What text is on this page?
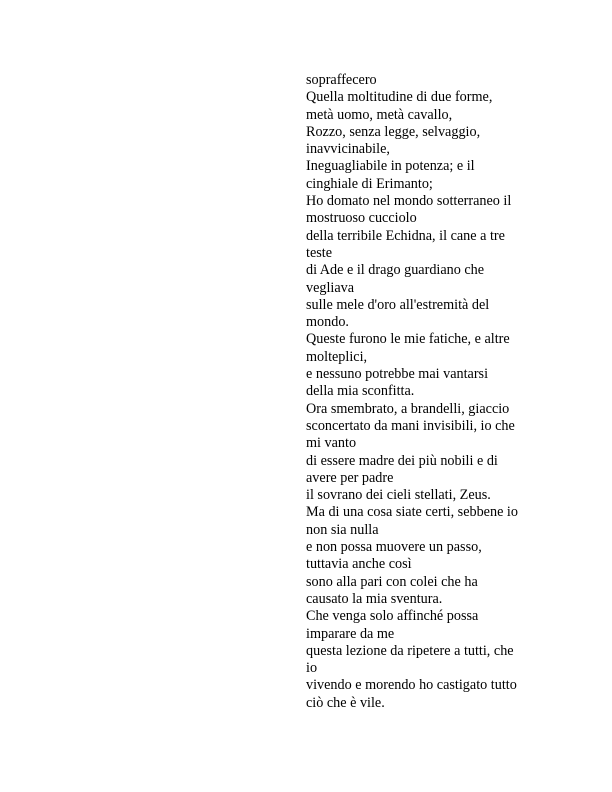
sopraffecero
Quella moltitudine di due forme,
metà uomo, metà cavallo,
Rozzo, senza legge, selvaggio,
inavvicinabile,
Ineguagliabile in potenza; e il
cinghiale di Erimanto;
Ho domato nel mondo sotterraneo il
mostruoso cucciolo
della terribile Echidna, il cane a tre
teste
di Ade e il drago guardiano che
vegliava
sulle mele d'oro all'estremità del
mondo.
Queste furono le mie fatiche, e altre
molteplici,
e nessuno potrebbe mai vantarsi
della mia sconfitta.
Ora smembrato, a brandelli, giaccio
sconcertato da mani invisibili, io che
mi vanto
di essere madre dei più nobili e di
avere per padre
il sovrano dei cieli stellati, Zeus.
Ma di una cosa siate certi, sebbene io
non sia nulla
e non possa muovere un passo,
tuttavia anche così
sono alla pari con colei che ha
causato la mia sventura.
Che venga solo affinché possa
imparare da me
questa lezione da ripetere a tutti, che
io
vivendo e morendo ho castigato tutto
ciò che è vile.
